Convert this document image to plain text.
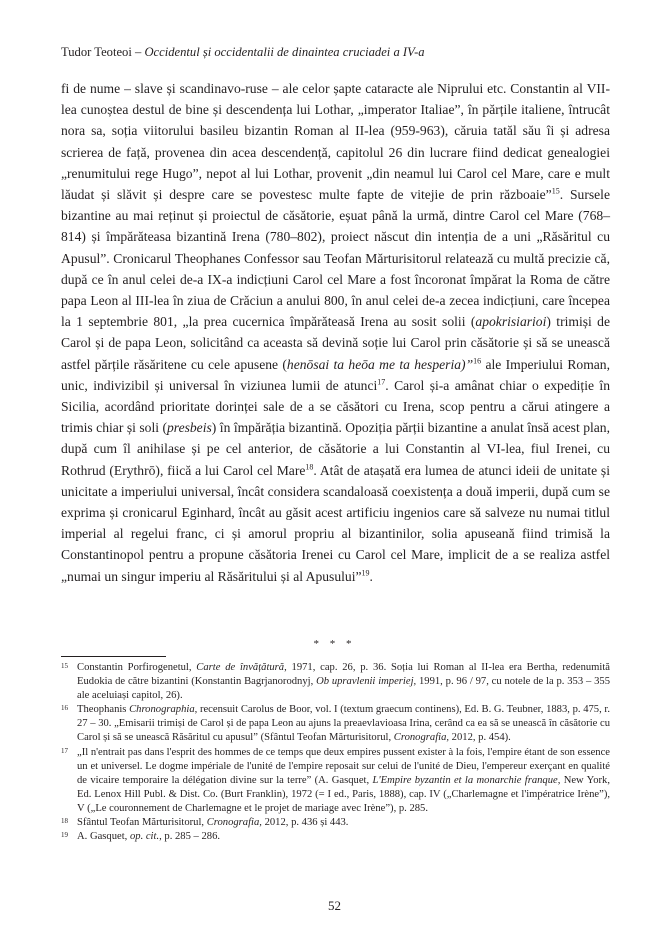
Tudor Teoteoi – Occidentul și occidentalii de dinaintea cruciadei a IV-a

fi de nume – slave și scandinavo-ruse – ale celor șapte cataracte ale Niprului etc. Constantin al VII-lea cunoștea destul de bine și descendența lui Lothar, „imperator Italiae”, în părțile italiene, întrucât nora sa, soția viitorului basileu bizantin Roman al II-lea (959-963), căruia tatăl său îi și adresa scrierea de față, provenea din acea descendență, capitolul 26 din lucrare fiind dedicat genealogiei „renumitului rege Hugo”, nepot al lui Lothar, provenit „din neamul lui Carol cel Mare, care e mult lăudat și slăvit și despre care se povestesc multe fapte de vitejie de prin războaie”$^{15}$. Sursele bizantine au mai reținut și proiectul de căsătorie, eșuat până la urmă, dintre Carol cel Mare (768–814) și împărăteasa bizantină Irena (780–802), proiect născut din intenția de a uni „Răsăritul cu Apusul”. Cronicarul Theophanes Confessor sau Teofan Mărturisitorul relatează cu multă precizie că, după ce în anul celei de-a IX-a indicțiuni Carol cel Mare a fost încoronat împărat la Roma de către papa Leon al III-lea în ziua de Crăciun a anului 800, în anul celei de-a zecea indicțiuni, care începea la 1 septembrie 801, „la prea cucernica împărăteasă Irena au sosit solii (apokrisiarioi) trimiși de Carol și de papa Leon, solicitând ca aceasta să devină soție lui Carol prin căsătorie și să se unească astfel părțile răsăritene cu cele apusene (henōsai ta heōa me ta hesperia)”$^{16}$ ale Imperiului Roman, unic, indivizibil și universal în viziunea lumii de atunci$^{17}$. Carol și-a amânat chiar o expediție în Sicilia, acordând prioritate dorinței sale de a se căsători cu Irena, scop pentru a cărui atingere a trimis chiar și soli (presbeis) în împărăția bizantină. Opoziția părții bizantine a anulat însă acest plan, după cum îl anihilase și pe cel anterior, de căsătorie a lui Constantin al VI-lea, fiul Irenei, cu Rothrud (Erythrō), fiică a lui Carol cel Mare$^{18}$. Atât de atașată era lumea de atunci ideii de unitate și unicitate a imperiului universal, încât considera scandaloasă coexistența a două imperii, după cum se exprima și cronicarul Eginhard, încât au găsit acest artificiu ingenios care să salveze nu numai titlul imperial al regelui franc, ci și amorul propriu al bizantinilor, solia apuseană fiind trimisă la Constantinopol pentru a propune căsătoria Irenei cu Carol cel Mare, implicit de a se realiza astfel „numai un singur imperiu al Răsăritului și al Apusului”$^{19}$.

* * *

15 Constantin Porfirogenetul, Carte de învățătură, 1971, cap. 26, p. 36. Soția lui Roman al II-lea era Bertha, redenumită Eudokia de către bizantini (Konstantin Bagrjanorodnyj, Ob upravlenii imperiej, 1991, p. 96 / 97, cu notele de la p. 353 – 355 ale aceluiași capitol, 26).

16 Theophanis Chronographia, recensuit Carolus de Boor, vol. I (textum graecum continens), Ed. B. G. Teubner, 1883, p. 475, r. 27 – 30. „Emisarii trimiși de Carol și de papa Leon au ajuns la preaevlavioasa Irina, cerând ca ea să se unească în căsătorie cu Carol și să se unească Răsăritul cu apusul” (Sfântul Teofan Mărturisitorul, Cronografia, 2012, p. 454).

17 „Il n'entrait pas dans l'esprit des hommes de ce temps que deux empires pussent exister à la fois, l'empire étant de son essence un et universel. Le dogme impériale de l'unité de l'empire reposait sur celui de l'unité de Dieu, l'empereur exerçant en qualité de vicaire temporaire la délégation divine sur la terre” (A. Gasquet, L'Empire byzantin et la monarchie franque, New York, Ed. Lenox Hill Publ. & Dist. Co. (Burt Franklin), 1972 (= I ed., Paris, 1888), cap. IV („Charlemagne et l'impératrice Irène”), V („Le couronnement de Charlemagne et le projet de mariage avec Irène”), p. 285.

18 Sfântul Teofan Mărturisitorul, Cronografia, 2012, p. 436 și 443.

19 A. Gasquet, op. cit., p. 285 – 286.

52
